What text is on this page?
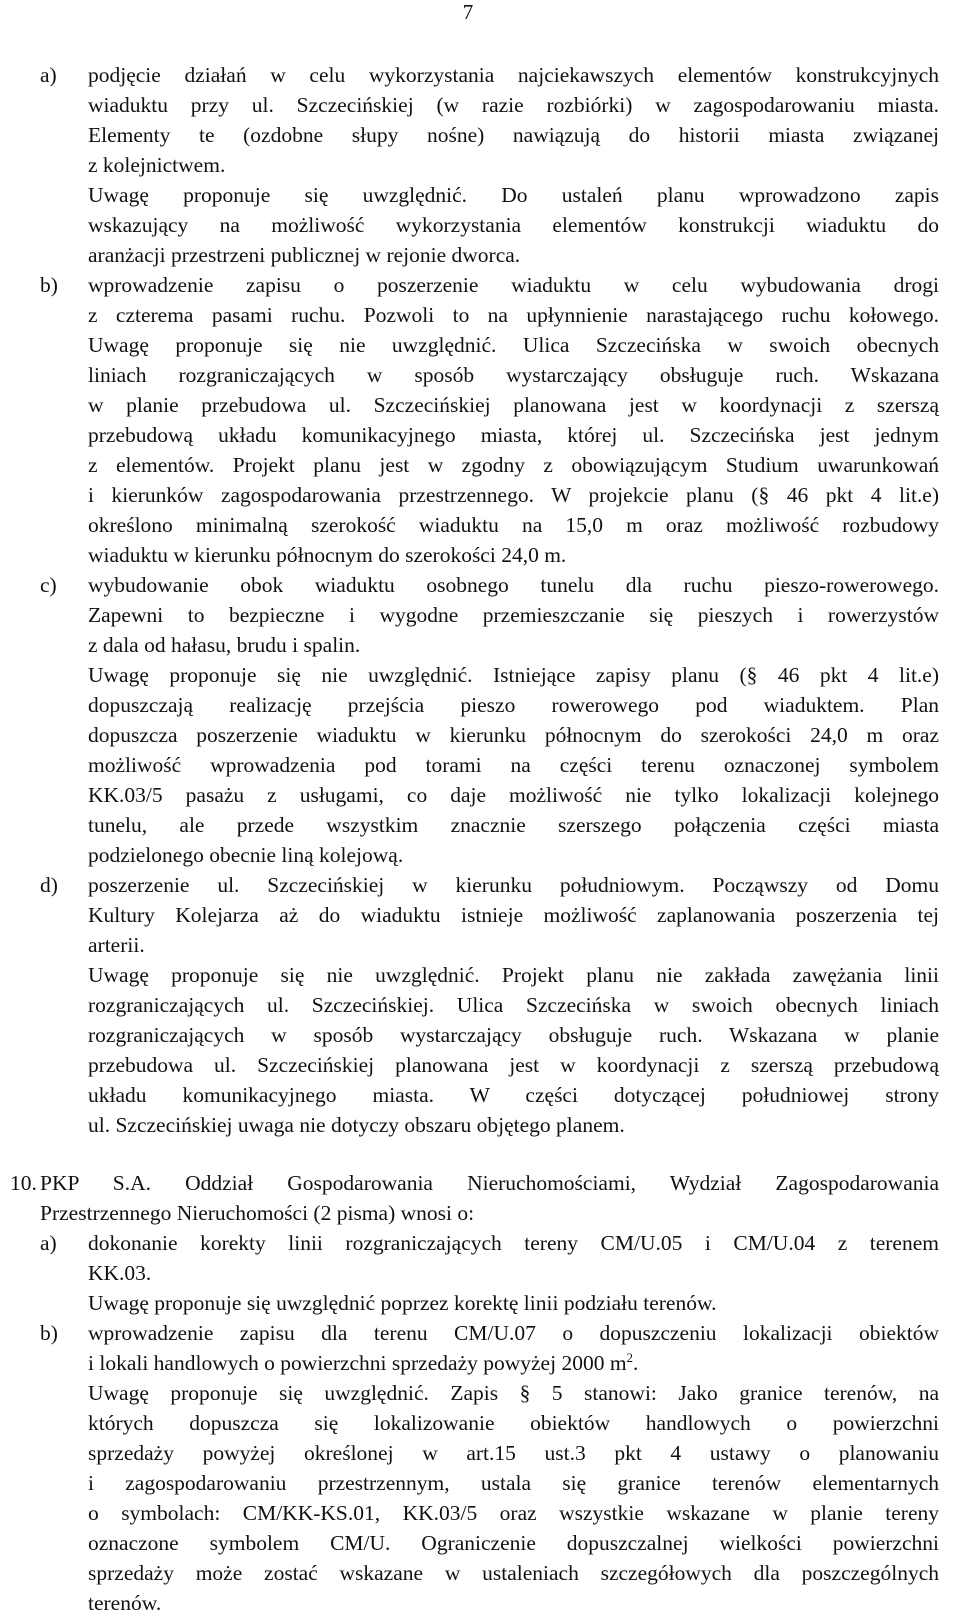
7
a) podjęcie działań w celu wykorzystania najciekawszych elementów konstrukcyjnych
wiaduktu przy ul. Szczecińskiej (w razie rozbiórki) w zagospodarowaniu miasta.
Elementy te (ozdobne słupy nośne) nawiązują do historii miasta związanej
z kolejnictwem.
Uwagę proponuje się uwzględnić. Do ustaleń planu wprowadzono zapis
wskazujący na możliwość wykorzystania elementów konstrukcji wiaduktu do
aranżacji przestrzeni publicznej w rejonie dworca.
b) wprowadzenie zapisu o poszerzenie wiaduktu w celu wybudowania drogi
z czterema pasami ruchu. Pozwoli to na upłynnienie narastającego ruchu kołowego.
Uwagę proponuje się nie uwzględnić. Ulica Szczecińska w swoich obecnych
liniach rozgraniczających w sposób wystarczający obsługuje ruch. Wskazana
w planie przebudowa ul. Szczecińskiej planowana jest w koordynacji z szerszą
przebudową układu komunikacyjnego miasta, której ul. Szczecińska jest jednym
z elementów. Projekt planu jest w zgodny z obowiązującym Studium uwarunkowań
i kierunków zagospodarowania przestrzennego. W projekcie planu (§ 46 pkt 4 lit.e)
określono minimalną szerokość wiaduktu na 15,0 m oraz możliwość rozbudowy
wiaduktu w kierunku północnym do szerokości 24,0 m.
c) wybudowanie obok wiaduktu osobnego tunelu dla ruchu pieszo-rowerowego.
Zapewni to bezpieczne i wygodne przemieszczanie się pieszych i rowerzystów
z dala od hałasu, brudu i spalin.
Uwagę proponuje się nie uwzględnić. Istniejące zapisy planu (§ 46 pkt 4 lit.e)
dopuszczają realizację przejścia pieszo rowerowego pod wiaduktem. Plan
dopuszcza poszerzenie wiaduktu w kierunku północnym do szerokości 24,0 m oraz
możliwość wprowadzenia pod torami na części terenu oznaczonej symbolem
KK.03/5 pasażu z usługami, co daje możliwość nie tylko lokalizacji kolejnego
tunelu, ale przede wszystkim znacznie szerszego połączenia części miasta
podzielonego obecnie liną kolejową.
d) poszerzenie ul. Szczecińskiej w kierunku południowym. Począwszy od Domu
Kultury Kolejarza aż do wiaduktu istnieje możliwość zaplanowania poszerzenia tej
arterii.
Uwagę proponuje się nie uwzględnić. Projekt planu nie zakłada zawężania linii
rozgraniczających ul. Szczecińskiej. Ulica Szczecińska w swoich obecnych liniach
rozgraniczających w sposób wystarczający obsługuje ruch. Wskazana w planie
przebudowa ul. Szczecińskiej planowana jest w koordynacji z szerszą przebudową
układu komunikacyjnego miasta. W części dotyczącej południowej strony
ul. Szczecińskiej uwaga nie dotyczy obszaru objętego planem.
10. PKP S.A. Oddział Gospodarowania Nieruchomościami, Wydział Zagospodarowania
Przestrzennego Nieruchomości (2 pisma) wnosi o:
a) dokonanie korekty linii rozgraniczających tereny CM/U.05 i CM/U.04 z terenem
KK.03.
Uwagę proponuje się uwzględnić poprzez korektę linii podziału terenów.
b) wprowadzenie zapisu dla terenu CM/U.07 o dopuszczeniu lokalizacji obiektów
i lokali handlowych o powierzchni sprzedaży powyżej 2000 $m^2$.
Uwagę proponuje się uwzględnić. Zapis § 5 stanowi: Jako granice terenów, na
których dopuszcza się lokalizowanie obiektów handlowych o powierzchni
sprzedaży powyżej określonej w art.15 ust.3 pkt 4 ustawy o planowaniu
i zagospodarowaniu przestrzennym, ustala się granice terenów elementarnych
o symbolach: CM/KK-KS.01, KK.03/5 oraz wszystkie wskazane w planie tereny
oznaczone symbolem CM/U. Ograniczenie dopuszczalnej wielkości powierzchni
sprzedaży może zostać wskazane w ustaleniach szczegółowych dla poszczególnych
terenów.
